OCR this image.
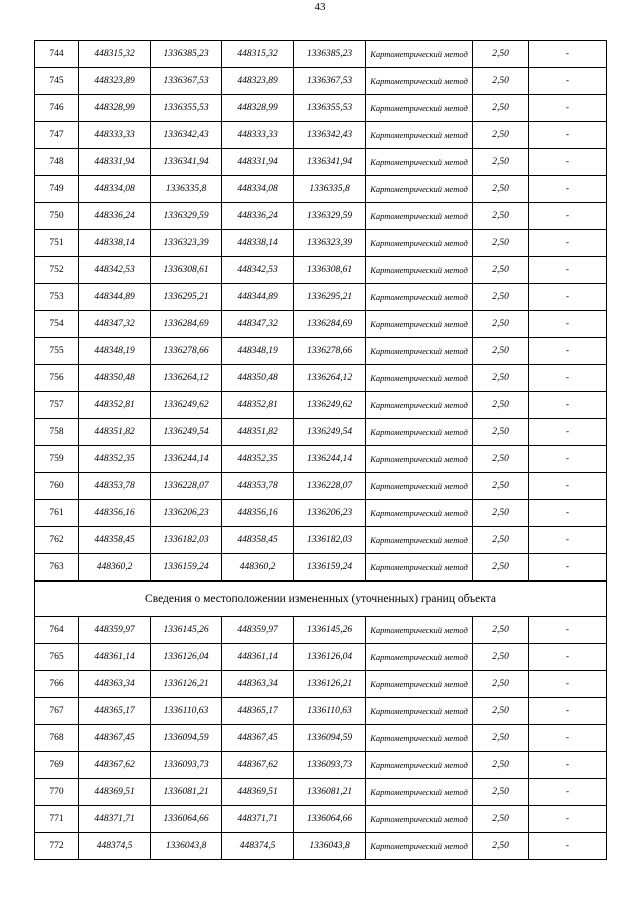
43
744	448315,32	1336385,23	448315,32	1336385,23	Картометрический метод	2,50	-
745	448323,89	1336367,53	448323,89	1336367,53	Картометрический метод	2,50	-
746	448328,99	1336355,53	448328,99	1336355,53	Картометрический метод	2,50	-
747	448333,33	1336342,43	448333,33	1336342,43	Картометрический метод	2,50	-
748	448331,94	1336341,94	448331,94	1336341,94	Картометрический метод	2,50	-
749	448334,08	1336335,8	448334,08	1336335,8	Картометрический метод	2,50	-
750	448336,24	1336329,59	448336,24	1336329,59	Картометрический метод	2,50	-
751	448338,14	1336323,39	448338,14	1336323,39	Картометрический метод	2,50	-
752	448342,53	1336308,61	448342,53	1336308,61	Картометрический метод	2,50	-
753	448344,89	1336295,21	448344,89	1336295,21	Картометрический метод	2,50	-
754	448347,32	1336284,69	448347,32	1336284,69	Картометрический метод	2,50	-
755	448348,19	1336278,66	448348,19	1336278,66	Картометрический метод	2,50	-
756	448350,48	1336264,12	448350,48	1336264,12	Картометрический метод	2,50	-
757	448352,81	1336249,62	448352,81	1336249,62	Картометрический метод	2,50	-
758	448351,82	1336249,54	448351,82	1336249,54	Картометрический метод	2,50	-
759	448352,35	1336244,14	448352,35	1336244,14	Картометрический метод	2,50	-
760	448353,78	1336228,07	448353,78	1336228,07	Картометрический метод	2,50	-
761	448356,16	1336206,23	448356,16	1336206,23	Картометрический метод	2,50	-
762	448358,45	1336182,03	448358,45	1336182,03	Картометрический метод	2,50	-
763	448360,2	1336159,24	448360,2	1336159,24	Картометрический метод	2,50	-
Сведения о местоположении измененных (уточненных) границ объекта							
764	448359,97	1336145,26	448359,97	1336145,26	Картометрический метод	2,50	-
765	448361,14	1336126,04	448361,14	1336126,04	Картометрический метод	2,50	-
766	448363,34	1336126,21	448363,34	1336126,21	Картометрический метод	2,50	-
767	448365,17	1336110,63	448365,17	1336110,63	Картометрический метод	2,50	-
768	448367,45	1336094,59	448367,45	1336094,59	Картометрический метод	2,50	-
769	448367,62	1336093,73	448367,62	1336093,73	Картометрический метод	2,50	-
770	448369,51	1336081,21	448369,51	1336081,21	Картометрический метод	2,50	-
771	448371,71	1336064,66	448371,71	1336064,66	Картометрический метод	2,50	-
772	448374,5	1336043,8	448374,5	1336043,8	Картометрический метод	2,50	-
